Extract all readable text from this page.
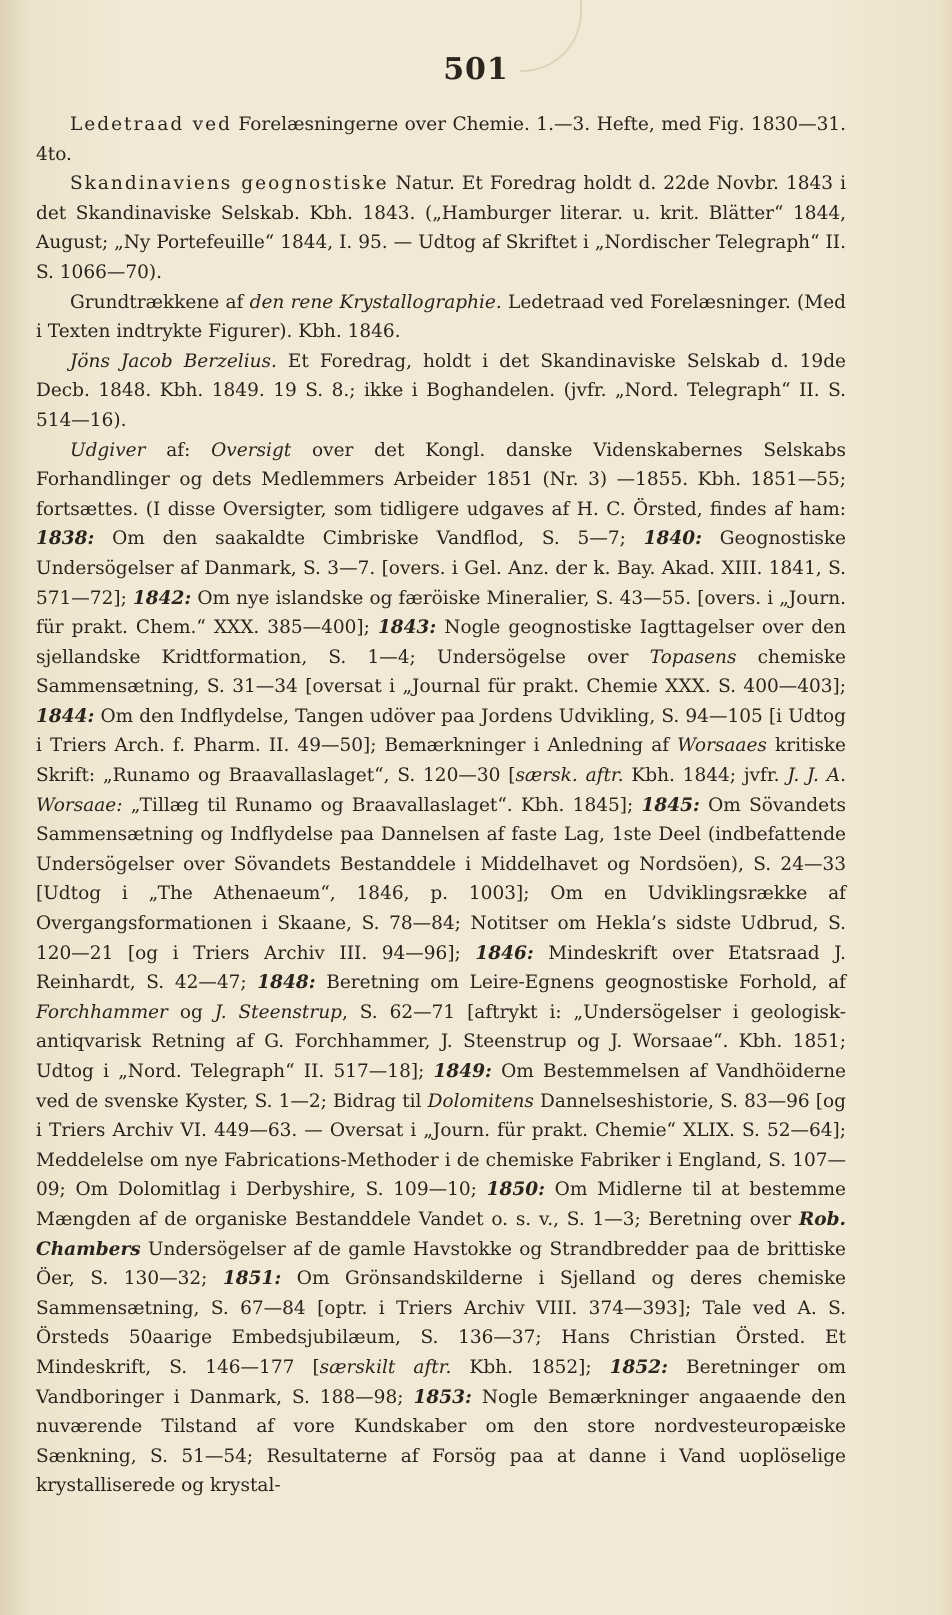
501

Ledetraad ved Forelæsningerne over Chemie. 1.—3. Hefte, med Fig. 1830—31. 4to.

Skandinaviens geognostiske Natur. Et Foredrag holdt d. 22de Novbr. 1843 i det Skandinaviske Selskab. Kbh. 1843. („Hamburger literar. u. krit. Blätter“ 1844, August; „Ny Portefeuille“ 1844, I. 95. — Udtog af Skriftet i „Nordischer Telegraph“ II. S. 1066—70).

Grundtrækkene af den rene Krystallographie. Ledetraad ved Forelæsninger. (Med i Texten indtrykte Figurer). Kbh. 1846.

Jöns Jacob Berzelius. Et Foredrag, holdt i det Skandinaviske Selskab d. 19de Decb. 1848. Kbh. 1849. 19 S. 8.; ikke i Boghandelen. (jvfr. „Nord. Telegraph“ II. S. 514—16).

Udgiver af: Oversigt over det Kongl. danske Videnskabernes Selskabs Forhandlinger og dets Medlemmers Arbeider 1851 (Nr. 3) —1855. Kbh. 1851—55; fortsættes. (I disse Oversigter, som tidligere udgaves af H. C. Örsted, findes af ham: 1838: Om den saakaldte Cimbriske Vandflod, S. 5—7; 1840: Geognostiske Undersögelser af Danmark, S. 3—7. [overs. i Gel. Anz. der k. Bay. Akad. XIII. 1841, S. 571—72]; 1842: Om nye islandske og færöiske Mineralier, S. 43—55. [overs. i „Journ. für prakt. Chem.“ XXX. 385—400]; 1843: Nogle geognostiske Iagttagelser over den sjellandske Kridtformation, S. 1—4; Undersögelse over Topasens chemiske Sammensætning, S. 31—34 [oversat i „Journal für prakt. Chemie XXX. S. 400—403]; 1844: Om den Indflydelse, Tangen udöver paa Jordens Udvikling, S. 94—105 [i Udtog i Triers Arch. f. Pharm. II. 49—50]; Bemærkninger i Anledning af Worsaaes kritiske Skrift: „Runamo og Braavallaslaget“, S. 120—30 [særsk. aftr. Kbh. 1844; jvfr. J. J. A. Worsaae: „Tillæg til Runamo og Braavallaslaget“. Kbh. 1845]; 1845: Om Sövandets Sammensætning og Indflydelse paa Dannelsen af faste Lag, 1ste Deel (indbefattende Undersögelser over Sövandets Bestanddele i Middelhavet og Nordsöen), S. 24—33 [Udtog i „The Athenaeum“, 1846, p. 1003]; Om en Udviklingsrække af Overgangsformationen i Skaane, S. 78—84; Notitser om Hekla’s sidste Udbrud, S. 120—21 [og i Triers Archiv III. 94—96]; 1846: Mindeskrift over Etatsraad J. Reinhardt, S. 42—47; 1848: Beretning om Leire-Egnens geognostiske Forhold, af Forchhammer og J. Steenstrup, S. 62—71 [aftrykt i: „Undersögelser i geologisk-antiqvarisk Retning af G. Forchhammer, J. Steenstrup og J. Worsaae“. Kbh. 1851; Udtog i „Nord. Telegraph“ II. 517—18]; 1849: Om Bestemmelsen af Vandhöiderne ved de svenske Kyster, S. 1—2; Bidrag til Dolomitens Dannelseshistorie, S. 83—96 [og i Triers Archiv VI. 449—63. — Oversat i „Journ. für prakt. Chemie“ XLIX. S. 52—64]; Meddelelse om nye Fabrications-Methoder i de chemiske Fabriker i England, S. 107—09; Om Dolomitlag i Derbyshire, S. 109—10; 1850: Om Midlerne til at bestemme Mængden af de organiske Bestanddele Vandet o. s. v., S. 1—3; Beretning over Rob. Chambers Undersögelser af de gamle Havstokke og Strandbredder paa de brittiske Öer, S. 130—32; 1851: Om Grönsandskilderne i Sjelland og deres chemiske Sammensætning, S. 67—84 [optr. i Triers Archiv VIII. 374—393]; Tale ved A. S. Örsteds 50aarige Embedsjubilæum, S. 136—37; Hans Christian Örsted. Et Mindeskrift, S. 146—177 [særskilt aftr. Kbh. 1852]; 1852: Beretninger om Vandboringer i Danmark, S. 188—98; 1853: Nogle Bemærkninger angaaende den nuværende Tilstand af vore Kundskaber om den store nordvesteuropæiske Sænkning, S. 51—54; Resultaterne af Forsög paa at danne i Vand uoplöselige krystalliserede og krystal-
